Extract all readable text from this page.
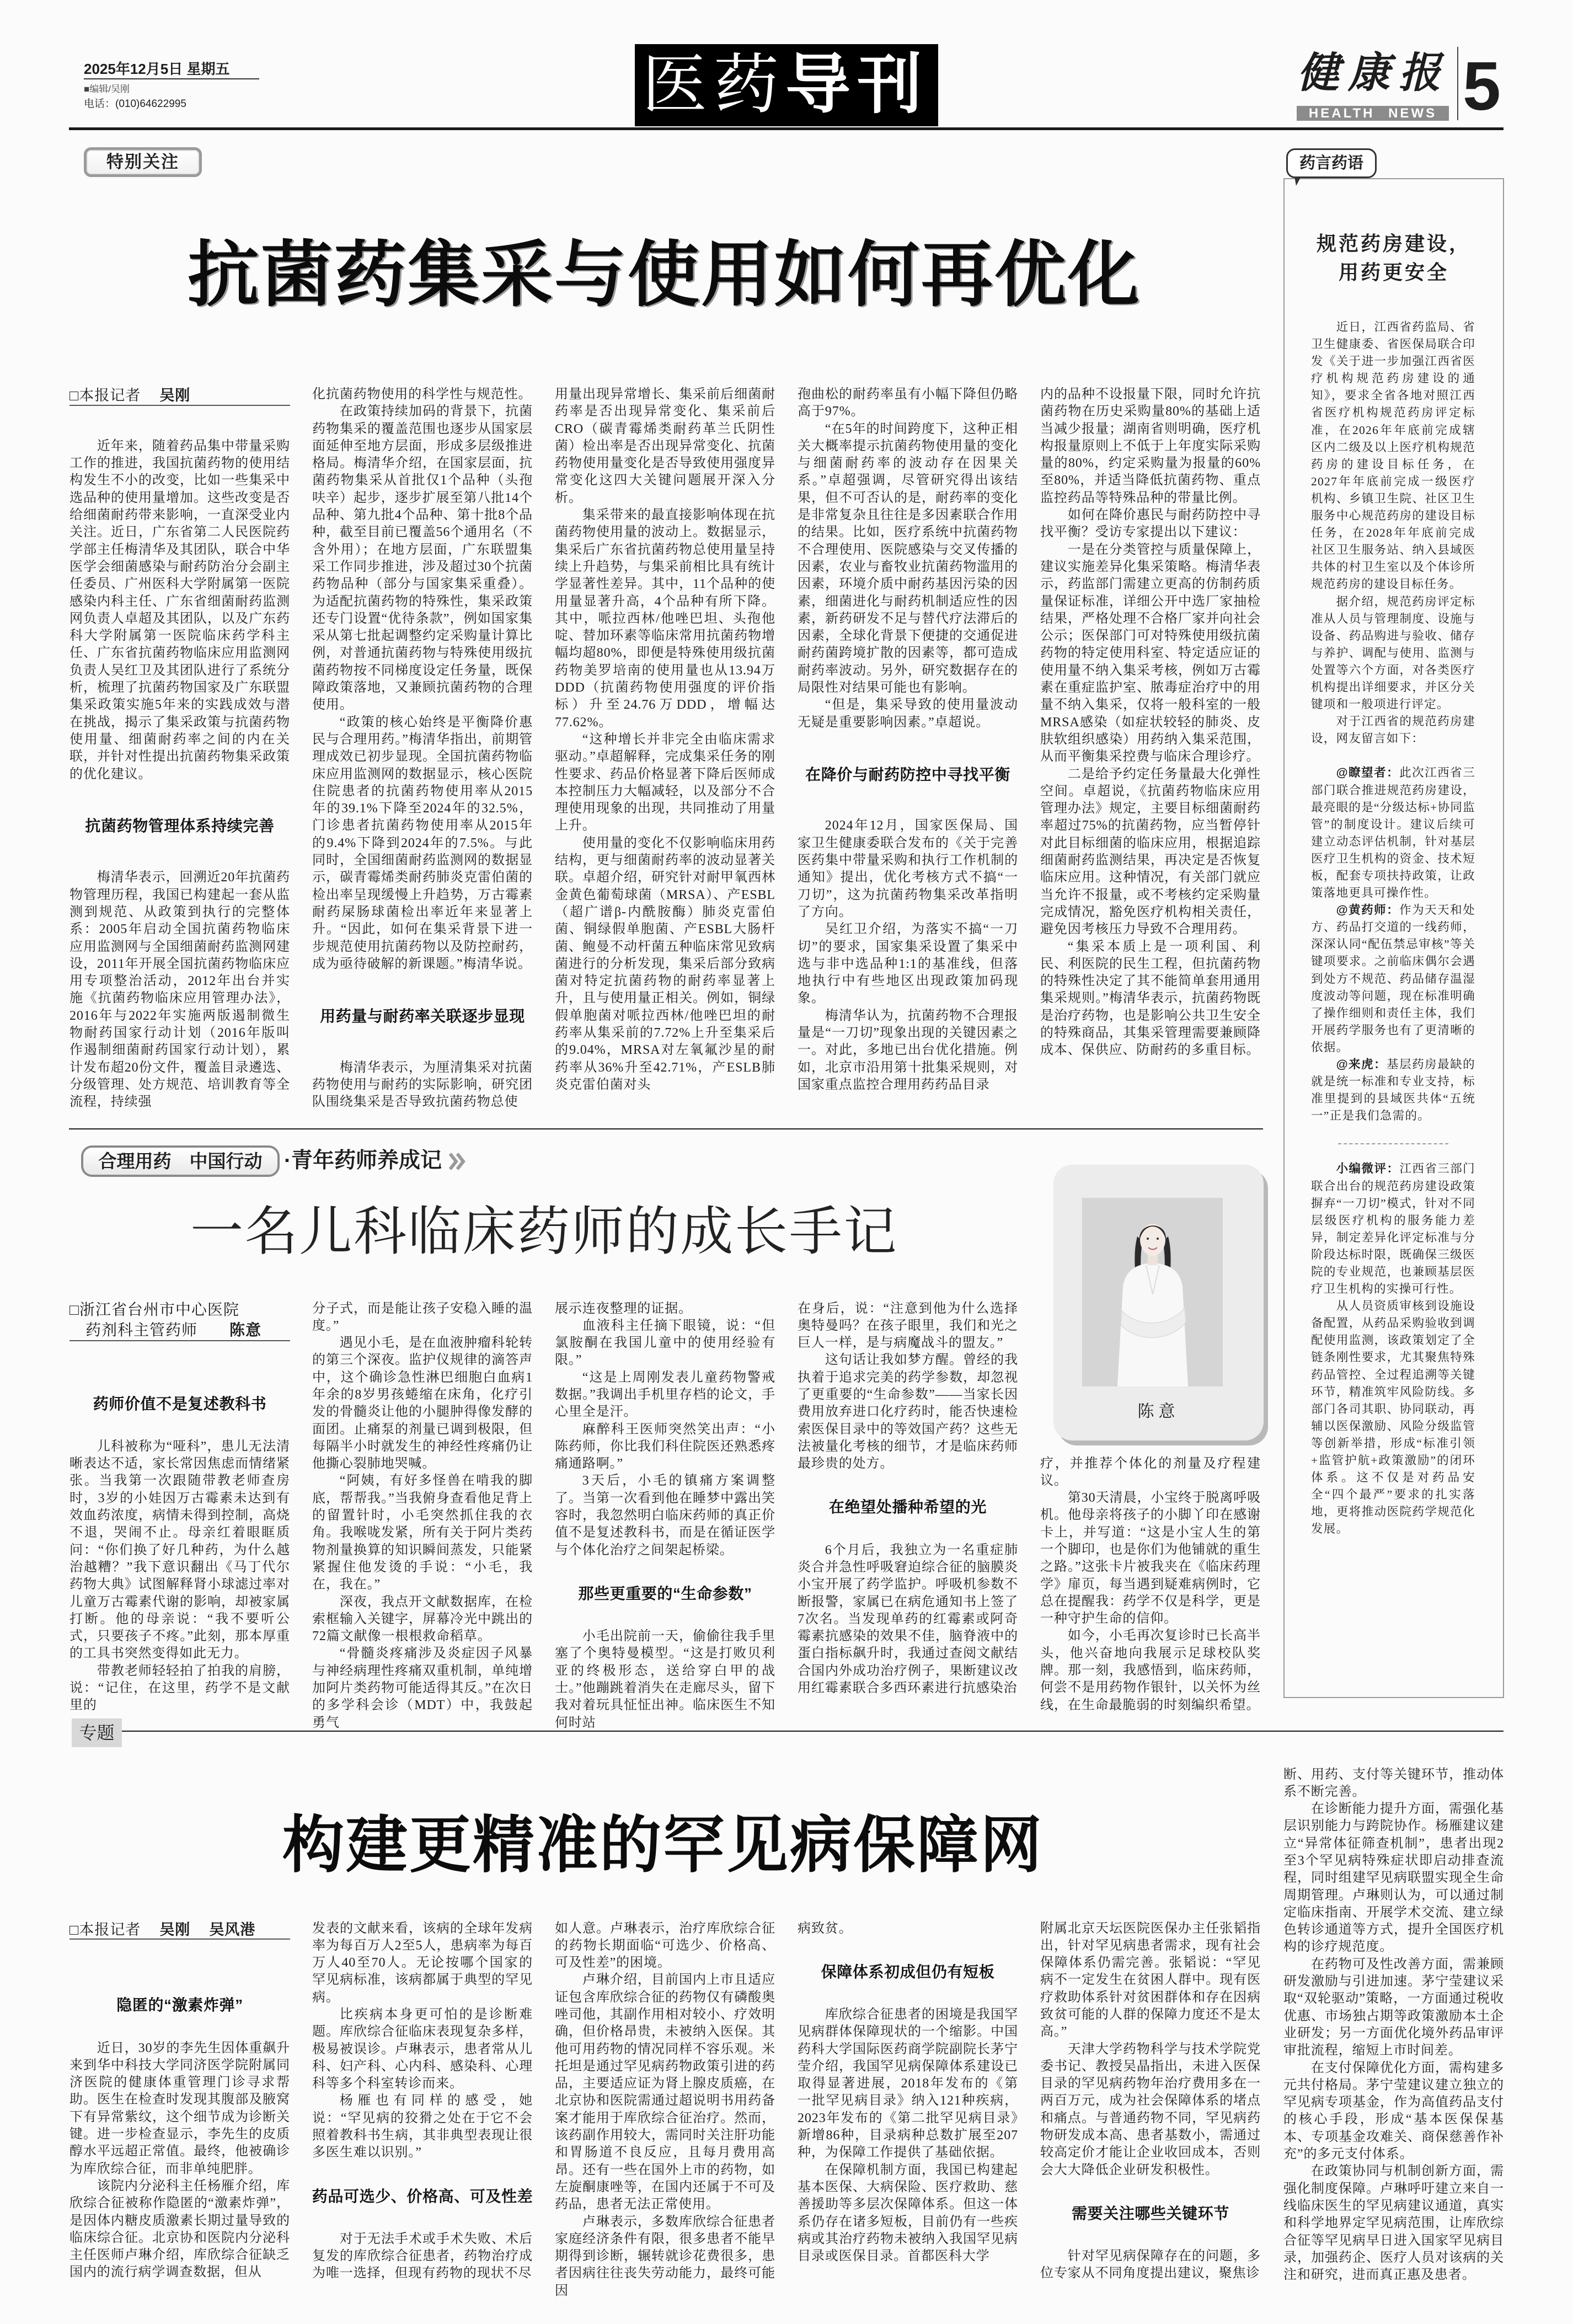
2025年12月5日 星期五
■编辑/吴刚
电话：(010)64622995	医药导刊	健康报
HEALTH NEWS 5
特别关注
抗菌药集采与使用如何再优化
□本报记者 吴刚

近年来，随着药品集中带量采购工作的推进，我国抗菌药物的使用结构发生不小的改变，比如一些集采中选品种的使用量增加。这些改变是否给细菌耐药带来影响，一直深受业内关注。近日，广东省第二人民医院药学部主任梅清华及其团队，联合中华医学会细菌感染与耐药防治分会副主任委员、广州医科大学附属第一医院感染内科主任、广东省细菌耐药监测网负责人卓超及其团队，以及广东药科大学附属第一医院临床药学科主任、广东省抗菌药物临床应用监测网负责人吴红卫及其团队进行了系统分析，梳理了抗菌药物国家及广东联盟集采政策实施5年来的实践成效与潜在挑战，揭示了集采政策与抗菌药物使用量、细菌耐药率之间的内在关联，并针对性提出抗菌药物集采政策的优化建议。

抗菌药物管理体系持续完善

梅清华表示，回溯近20年抗菌药物管理历程，我国已构建起一套从监测到规范、从政策到执行的完整体系：2005年启动全国抗菌药物临床应用监测网与全国细菌耐药监测网建设，2011年开展全国抗菌药物临床应用专项整治活动，2012年出台并实施《抗菌药物临床应用管理办法》，2016年与2022年实施两版遏制微生物耐药国家行动计划（2016年版叫作遏制细菌耐药国家行动计划），累计发布超20份文件，覆盖目录遴选、分级管理、处方规范、培训教育等全流程，持续强

化抗菌药物使用的科学性与规范性。

在政策持续加码的背景下，抗菌药物集采的覆盖范围也逐步从国家层面延伸至地方层面，形成多层级推进格局。梅清华介绍，在国家层面，抗菌药物集采从首批仅1个品种（头孢呋辛）起步，逐步扩展至第八批14个品种、第九批4个品种、第十批8个品种，截至目前已覆盖56个通用名（不含外用）；在地方层面，广东联盟集采工作同步推进，涉及超过30个抗菌药物品种（部分与国家集采重叠）。为适配抗菌药物的特殊性，集采政策还专门设置“优待条款”，例如国家集采从第七批起调整约定采购量计算比例，对普通抗菌药物与特殊使用级抗菌药物按不同梯度设定任务量，既保障政策落地，又兼顾抗菌药物的合理使用。

“政策的核心始终是平衡降价惠民与合理用药。”梅清华指出，前期管理成效已初步显现。全国抗菌药物临床应用监测网的数据显示，核心医院住院患者的抗菌药物使用率从2015年的39.1%下降至2024年的32.5%，门诊患者抗菌药物使用率从2015年的9.4%下降到2024年的7.5%。与此同时，全国细菌耐药监测网的数据显示，碳青霉烯类耐药肺炎克雷伯菌的检出率呈现缓慢上升趋势，万古霉素耐药屎肠球菌检出率近年来显著上升。“因此，如何在集采背景下进一步规范使用抗菌药物以及防控耐药，成为亟待破解的新课题。”梅清华说。

用药量与耐药率关联逐步显现

梅清华表示，为厘清集采对抗菌药物使用与耐药的实际影响，研究团队围绕集采是否导致抗菌药物总使

用量出现异常增长、集采前后细菌耐药率是否出现异常变化、集采前后CRO（碳青霉烯类耐药革兰氏阴性菌）检出率是否出现异常变化、抗菌药物使用量变化是否导致使用强度异常变化这四大关键问题展开深入分析。

集采带来的最直接影响体现在抗菌药物使用量的波动上。数据显示，集采后广东省抗菌药物总使用量呈持续上升趋势，与集采前相比具有统计学显著性差异。其中，11个品种的使用量显著升高，4个品种有所下降。其中，哌拉西林/他唑巴坦、头孢他啶、替加环素等临床常用抗菌药物增幅均超80%，即便是特殊使用级抗菌药物美罗培南的使用量也从13.94万DDD（抗菌药物使用强度的评价指标）升至24.76万DDD，增幅达77.62%。

“这种增长并非完全由临床需求驱动。”卓超解释，完成集采任务的刚性要求、药品价格显著下降后医师成本控制压力大幅减轻，以及部分不合理使用现象的出现，共同推动了用量上升。

使用量的变化不仅影响临床用药结构，更与细菌耐药率的波动显著关联。卓超介绍，研究针对耐甲氧西林金黄色葡萄球菌（MRSA）、产ESBL（超广谱β-内酰胺酶）肺炎克雷伯菌、铜绿假单胞菌、产ESBL大肠杆菌、鲍曼不动杆菌五种临床常见致病菌进行的分析发现，集采后部分致病菌对特定抗菌药物的耐药率显著上升，且与使用量正相关。例如，铜绿假单胞菌对哌拉西林/他唑巴坦的耐药率从集采前的7.72%上升至集采后的9.04%，MRSA对左氧氟沙星的耐药率从36%升至42.71%，产ESLB肺炎克雷伯菌对头

孢曲松的耐药率虽有小幅下降但仍略高于97%。

“在5年的时间跨度下，这种正相关大概率提示抗菌药物使用量的变化与细菌耐药率的波动存在因果关系。”卓超强调，尽管研究得出该结果，但不可否认的是，耐药率的变化是非常复杂且往往是多因素联合作用的结果。比如，医疗系统中抗菌药物不合理使用、医院感染与交叉传播的因素，农业与畜牧业抗菌药物滥用的因素，环境介质中耐药基因污染的因素，细菌进化与耐药机制适应性的因素，新药研发不足与替代疗法滞后的因素，全球化背景下便捷的交通促进耐药菌跨境扩散的因素等，都可造成耐药率波动。另外，研究数据存在的局限性对结果可能也有影响。

“但是，集采导致的使用量波动无疑是重要影响因素。”卓超说。

在降价与耐药防控中寻找平衡

2024年12月，国家医保局、国家卫生健康委联合发布的《关于完善医药集中带量采购和执行工作机制的通知》提出，优化考核方式不搞“一刀切”，这为抗菌药物集采改革指明了方向。

吴红卫介绍，为落实不搞“一刀切”的要求，国家集采设置了集采中选与非中选品种1:1的基准线，但落地执行中有些地区出现政策加码现象。

梅清华认为，抗菌药物不合理报量是“一刀切”现象出现的关键因素之一。对此，多地已出台优化措施。例如，北京市沿用第十批集采规则，对国家重点监控合理用药药品目录

内的品种不设报量下限，同时允许抗菌药物在历史采购量80%的基础上适当减少报量；湖南省则明确，医疗机构报量原则上不低于上年度实际采购量的80%，约定采购量为报量的60%至80%，并适当降低抗菌药物、重点监控药品等特殊品种的带量比例。

如何在降价惠民与耐药防控中寻找平衡？受访专家提出以下建议：

一是在分类管控与质量保障上，建议实施差异化集采策略。梅清华表示，药监部门需建立更高的仿制药质量保证标准，详细公开中选厂家抽检结果，严格处理不合格厂家并向社会公示；医保部门可对特殊使用级抗菌药物的特定使用科室、特定适应证的使用量不纳入集采考核，例如万古霉素在重症监护室、脓毒症治疗中的用量不纳入集采，仅将一般科室的一般MRSA感染（如症状较轻的肺炎、皮肤软组织感染）用药纳入集采范围，从而平衡集采控费与临床合理诊疗。

二是给予约定任务量最大化弹性空间。卓超说，《抗菌药物临床应用管理办法》规定，主要目标细菌耐药率超过75%的抗菌药物，应当暂停针对此目标细菌的临床应用，根据追踪细菌耐药监测结果，再决定是否恢复临床应用。这种情况，有关部门就应当允许不报量，或不考核约定采购量完成情况，豁免医疗机构相关责任，避免因考核压力导致不合理用药。

“集采本质上是一项利国、利民、利医院的民生工程，但抗菌药物的特殊性决定了其不能简单套用通用集采规则。”梅清华表示，抗菌药物既是治疗药物，也是影响公共卫生安全的特殊商品，其集采管理需要兼顾降成本、保供应、防耐药的多重目标。

药言药语
规范药房建设，
用药更安全

近日，江西省药监局、省卫生健康委、省医保局联合印发《关于进一步加强江西省医疗机构规范药房建设的通知》，要求全省各地对照江西省医疗机构规范药房评定标准，在2026年年底前完成辖区内二级及以上医疗机构规范药房的建设目标任务，在2027年年底前完成一级医疗机构、乡镇卫生院、社区卫生服务中心规范药房的建设目标任务，在2028年年底前完成社区卫生服务站、纳入县域医共体的村卫生室以及个体诊所规范药房的建设目标任务。

据介绍，规范药房评定标准从人员与管理制度、设施与设备、药品购进与验收、储存与养护、调配与使用、监测与处置等六个方面，对各类医疗机构提出详细要求，并区分关键项和一般项进行评定。

对于江西省的规范药房建设，网友留言如下：

@瞭望者：此次江西省三部门联合推进规范药房建设，最亮眼的是“分级达标+协同监管”的制度设计。建议后续可建立动态评估机制，针对基层医疗卫生机构的资金、技术短板，配套专项扶持政策，让政策落地更具可操作性。

@黄药师：作为天天和处方、药品打交道的一线药师，深深认同“配伍禁忌审核”等关键项要求。之前临床偶尔会遇到处方不规范、药品储存温湿度波动等问题，现在标准明确了操作细则和责任主体，我们开展药学服务也有了更清晰的依据。

@来虎：基层药房最缺的就是统一标准和专业支持，标准里提到的县域医共体“五统一”正是我们急需的。

小编微评：江西省三部门联合出台的规范药房建设政策摒弃“一刀切”模式，针对不同层级医疗机构的服务能力差异，制定差异化评定标准与分阶段达标时限，既确保三级医院的专业规范，也兼顾基层医疗卫生机构的实操可行性。

从人员资质审核到设施设备配置，从药品采购验收到调配使用监测，该政策划定了全链条刚性要求，尤其聚焦特殊药品管控、全过程追溯等关键环节，精准筑牢风险防线。多部门各司其职、协同联动，再辅以医保激励、风险分级监管等创新举措，形成“标准引领+监管护航+政策激励”的闭环体系。这不仅是对药品安全“四个最严”要求的扎实落地，更将推动医院药学规范化发展。

合理用药　中国行动	·青年药师养成记
一名儿科临床药师的成长手记
陈意
□浙江省台州市中心医院
药剂科主管药师 陈意
药师价值不是复述教科书

儿科被称为“哑科”，患儿无法清晰表达不适，家长常因焦虑而情绪紧张。当我第一次跟随带教老师查房时，3岁的小娃因万古霉素未达到有效血药浓度，病情未得到控制，高烧不退，哭闹不止。母亲红着眼眶质问：“你们换了好几种药，为什么越治越糟？”我下意识翻出《马丁代尔药物大典》试图解释肾小球滤过率对儿童万古霉素代谢的影响，却被家属打断。他的母亲说：“我不要听公式，只要孩子不疼。”此刻，那本厚重的工具书突然变得如此无力。

带教老师轻轻拍了拍我的肩膀，说：“记住，在这里，药学不是文献里的

分子式，而是能让孩子安稳入睡的温度。”

遇见小毛，是在血液肿瘤科轮转的第三个深夜。监护仪规律的滴答声中，这个确诊急性淋巴细胞白血病1年余的8岁男孩蜷缩在床角，化疗引发的骨髓炎让他的小腿肿得像发酵的面团。止痛泵的剂量已调到极限，但每隔半小时就发生的神经性疼痛仍让他撕心裂肺地哭喊。

“阿姨，有好多怪兽在啃我的脚底，帮帮我。”当我俯身查看他足背上的留置针时，小毛突然抓住我的衣角。我喉咙发紧，所有关于阿片类药物剂量换算的知识瞬间蒸发，只能紧紧握住他发烫的手说：“小毛，我在，我在。”

深夜，我点开文献数据库，在检索框输入关键字，屏幕冷光中跳出的72篇文献像一根根救命稻草。

“骨髓炎疼痛涉及炎症因子风暴与神经病理性疼痛双重机制，单纯增加阿片类药物可能适得其反。”在次日的多学科会诊（MDT）中，我鼓起勇气

展示连夜整理的证据。

血液科主任摘下眼镜，说：“但氯胺酮在我国儿童中的使用经验有限。”

“这是上周刚发表儿童药物警戒数据。”我调出手机里存档的论文，手心里全是汗。

麻醉科王医师突然笑出声：“小陈药师，你比我们科住院医还熟悉疼痛通路啊。”

3天后，小毛的镇痛方案调整了。当第一次看到他在睡梦中露出笑容时，我忽然明白临床药师的真正价值不是复述教科书，而是在循证医学与个体化治疗之间架起桥梁。

那些更重要的“生命参数”

小毛出院前一天，偷偷往我手里塞了个奥特曼模型。“这是打败贝利亚的终极形态，送给穿白甲的战士。”他蹦跳着消失在走廊尽头，留下我对着玩具怔怔出神。临床医生不知何时站

在身后，说：“注意到他为什么选择奥特曼吗？在孩子眼里，我们和光之巨人一样，是与病魔战斗的盟友。”

这句话让我如梦方醒。曾经的我执着于追求完美的药学参数，却忽视了更重要的“生命参数”——当家长因费用放弃进口化疗药时，能否快速检索医保目录中的等效国产药？这些无法被量化考核的细节，才是临床药师最珍贵的处方。

在绝望处播种希望的光

6个月后，我独立为一名重症肺炎合并急性呼吸窘迫综合征的脑膜炎小宝开展了药学监护。呼吸机参数不断报警，家属已在病危通知书上签了7次名。当发现单药的红霉素或阿奇霉素抗感染的效果不佳，脑脊液中的蛋白指标飙升时，我通过查阅文献结合国内外成功治疗例子，果断建议改用红霉素联合多西环素进行抗感染治

疗，并推荐个体化的剂量及疗程建议。

第30天清晨，小宝终于脱离呼吸机。他母亲将孩子的小脚丫印在感谢卡上，并写道：“这是小宝人生的第一个脚印，也是你们为他铺就的重生之路。”这张卡片被我夹在《临床药理学》扉页，每当遇到疑难病例时，它总在提醒我：药学不仅是科学，更是一种守护生命的信仰。

如今，小毛再次复诊时已长高半头，他兴奋地向我展示足球校队奖牌。那一刻，我感悟到，临床药师，何尝不是用药物作银针，以关怀为丝线，在生命最脆弱的时刻编织希望。

专题
构建更精准的罕见病保障网
□本报记者 吴刚 吴风港
隐匿的“激素炸弹”

近日，30岁的李先生因体重飙升来到华中科技大学同济医学院附属同济医院的健康体重管理门诊寻求帮助。医生在检查时发现其腹部及腋窝下有异常紫纹，这个细节成为诊断关键。进一步检查显示，李先生的皮质醇水平远超正常值。最终，他被确诊为库欣综合征，而非单纯肥胖。

该院内分泌科主任杨雁介绍，库欣综合征被称作隐匿的“激素炸弹”，是因体内糖皮质激素长期过量导致的临床综合征。北京协和医院内分泌科主任医师卢琳介绍，库欣综合征缺乏国内的流行病学调查数据，但从

发表的文献来看，该病的全球年发病率为每百万人2至5人，患病率为每百万人40至70人。无论按哪个国家的罕见病标准，该病都属于典型的罕见病。

比疾病本身更可怕的是诊断难题。库欣综合征临床表现复杂多样，极易被误诊。卢琳表示，患者常从儿科、妇产科、心内科、感染科、心理科等多个科室转诊而来。

杨雁也有同样的感受，她说：“罕见病的狡猾之处在于它不会照着教科书生病，其非典型表现让很多医生难以识别。”

药品可选少、价格高、可及性差

对于无法手术或手术失败、术后复发的库欣综合征患者，药物治疗成为唯一选择，但现有药物的现状不尽

如人意。卢琳表示，治疗库欣综合征的药物长期面临“可选少、价格高、可及性差”的困境。

卢琳介绍，目前国内上市且适应证包含库欣综合征的药物仅有磷酸奥唑司他，其副作用相对较小、疗效明确，但价格昂贵，未被纳入医保。其他可用药物的情况同样不容乐观。米托坦是通过罕见病药物政策引进的药品，主要适应证为肾上腺皮质癌，在北京协和医院需通过超说明书用药备案才能用于库欣综合征治疗。然而，该药副作用较大，需同时关注肝功能和胃肠道不良反应，且每月费用高昂。还有一些在国外上市的药物，如左旋酮康唑等，在国内还属于不可及药品，患者无法正常使用。

卢琳表示，多数库欣综合征患者家庭经济条件有限，很多患者不能早期得到诊断，辗转就诊花费很多，患者因病往往丧失劳动能力，最终可能因

病致贫。

保障体系初成但仍有短板

库欣综合征患者的困境是我国罕见病群体保障现状的一个缩影。中国药科大学国际医药商学院副院长茅宁莹介绍，我国罕见病保障体系建设已取得显著进展，2018年发布的《第一批罕见病目录》纳入121种疾病，2023年发布的《第二批罕见病目录》新增86种，目录病种总数扩展至207种，为保障工作提供了基础依据。

在保障机制方面，我国已构建起基本医保、大病保险、医疗救助、慈善援助等多层次保障体系。但这一体系仍存在诸多短板，目前仍有一些疾病或其治疗药物未被纳入我国罕见病目录或医保目录。首都医科大学

附属北京天坛医院医保办主任张韬指出，针对罕见病患者需求，现有社会保障体系仍需完善。张韬说：“罕见病不一定发生在贫困人群中。现有医疗救助体系针对贫困群体和存在因病致贫可能的人群的保障力度还不是太高。”

天津大学药物科学与技术学院党委书记、教授吴晶指出，未进入医保目录的罕见病药物年治疗费用多在一两百万元，成为社会保障体系的堵点和痛点。与普通药物不同，罕见病药物研发成本高、患者基数小，需通过较高定价才能让企业收回成本，否则会大大降低企业研发积极性。

需要关注哪些关键环节

针对罕见病保障存在的问题，多位专家从不同角度提出建议，聚焦诊

断、用药、支付等关键环节，推动体系不断完善。

在诊断能力提升方面，需强化基层识别能力与跨院协作。杨雁建议建立“异常体征筛查机制”，患者出现2至3个罕见病特殊症状即启动排查流程，同时组建罕见病联盟实现全生命周期管理。卢琳则认为，可以通过制定临床指南、开展学术交流、建立绿色转诊通道等方式，提升全国医疗机构的诊疗规范度。

在药物可及性改善方面，需兼顾研发激励与引进加速。茅宁莹建议采取“双轮驱动”策略，一方面通过税收优惠、市场独占期等政策激励本土企业研发；另一方面优化境外药品审评审批流程，缩短上市时间差。

在支付保障优化方面，需构建多元共付格局。茅宁莹建议建立独立的罕见病专项基金，作为高值药品支付的核心手段，形成“基本医保保基本、专项基金攻难关、商保慈善作补充”的多元支付体系。

在政策协同与机制创新方面，需强化制度保障。卢琳呼吁建立来自一线临床医生的罕见病建议通道，真实和科学地界定罕见病范围，让库欣综合征等罕见病早日进入国家罕见病目录，加强药企、医疗人员对该病的关注和研究，进而真正惠及患者。
